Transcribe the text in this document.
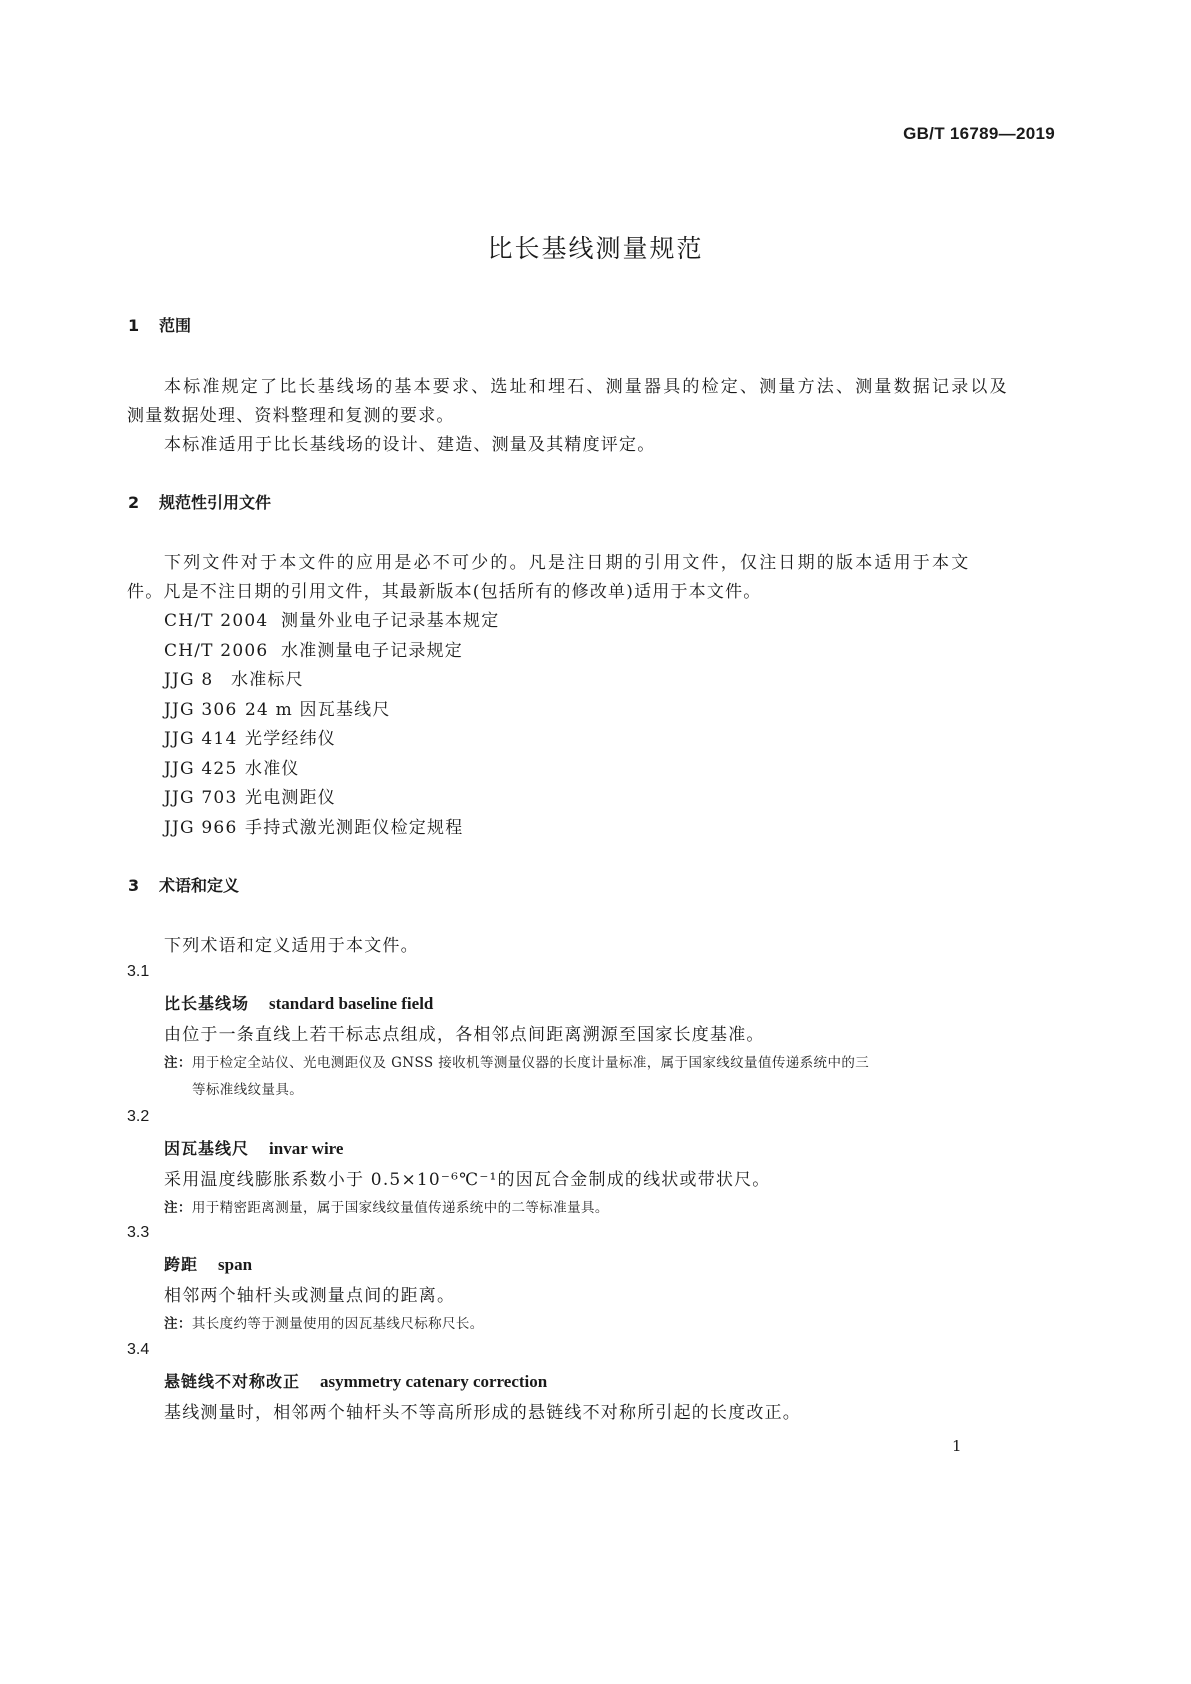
GB/T 16789—2019
比长基线测量规范
1 范围
本标准规定了比长基线场的基本要求、选址和埋石、测量器具的检定、测量方法、测量数据记录以及
测量数据处理、资料整理和复测的要求。
本标准适用于比长基线场的设计、建造、测量及其精度评定。
2 规范性引用文件
下列文件对于本文件的应用是必不可少的。凡是注日期的引用文件，仅注日期的版本适用于本文
件。凡是不注日期的引用文件，其最新版本(包括所有的修改单)适用于本文件。
CH/T 2004 测量外业电子记录基本规定
CH/T 2006 水准测量电子记录规定
JJG 8 水准标尺
JJG 306 24 m 因瓦基线尺
JJG 414 光学经纬仪
JJG 425 水准仪
JJG 703 光电测距仪
JJG 966 手持式激光测距仪检定规程
3 术语和定义
下列术语和定义适用于本文件。
3.1
比长基线场 standard baseline field
由位于一条直线上若干标志点组成，各相邻点间距离溯源至国家长度基准。
注：用于检定全站仪、光电测距仪及 GNSS 接收机等测量仪器的长度计量标准，属于国家线纹量值传递系统中的三
等标准线纹量具。
3.2
因瓦基线尺 invar wire
采用温度线膨胀系数小于 0.5×10⁻⁶℃⁻¹的因瓦合金制成的线状或带状尺。
注：用于精密距离测量，属于国家线纹量值传递系统中的二等标准量具。
3.3
跨距 span
相邻两个轴杆头或测量点间的距离。
注：其长度约等于测量使用的因瓦基线尺标称尺长。
3.4
悬链线不对称改正 asymmetry catenary correction
基线测量时，相邻两个轴杆头不等高所形成的悬链线不对称所引起的长度改正。
1
